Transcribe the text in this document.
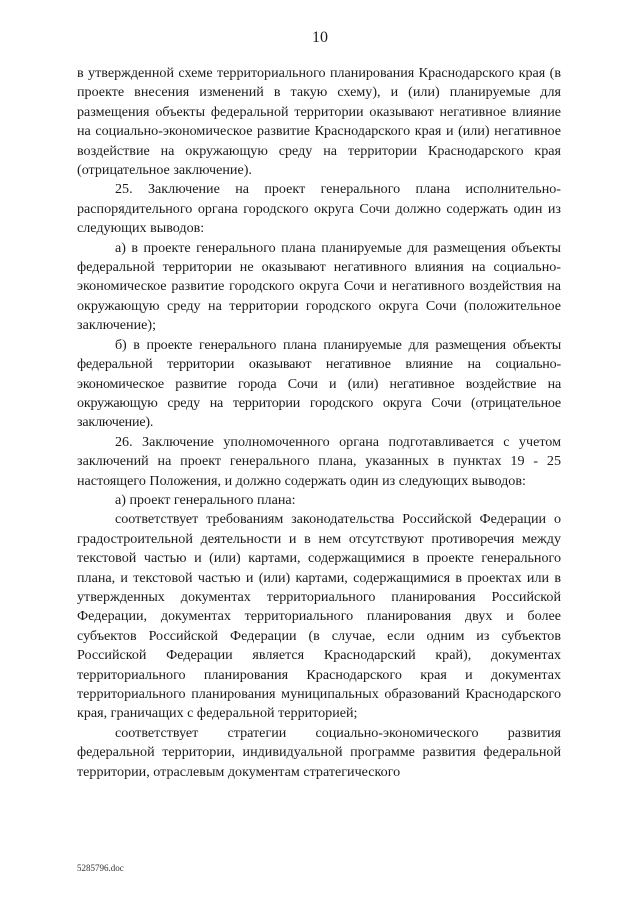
10

в утвержденной схеме территориального планирования Краснодарского края (в проекте внесения изменений в такую схему), и (или) планируемые для размещения объекты федеральной территории оказывают негативное влияние на социально-экономическое развитие Краснодарского края и (или) негативное воздействие на окружающую среду на территории Краснодарского края (отрицательное заключение).

25. Заключение на проект генерального плана исполнительно-распорядительного органа городского округа Сочи должно содержать один из следующих выводов:

а) в проекте генерального плана планируемые для размещения объекты федеральной территории не оказывают негативного влияния на социально-экономическое развитие городского округа Сочи и негативного воздействия на окружающую среду на территории городского округа Сочи (положительное заключение);

б) в проекте генерального плана планируемые для размещения объекты федеральной территории оказывают негативное влияние на социально-экономическое развитие города Сочи и (или) негативное воздействие на окружающую среду на территории городского округа Сочи (отрицательное заключение).

26. Заключение уполномоченного органа подготавливается с учетом заключений на проект генерального плана, указанных в пунктах 19 - 25 настоящего Положения, и должно содержать один из следующих выводов:

а) проект генерального плана:

соответствует требованиям законодательства Российской Федерации о градостроительной деятельности и в нем отсутствуют противоречия между текстовой частью и (или) картами, содержащимися в проекте генерального плана, и текстовой частью и (или) картами, содержащимися в проектах или в утвержденных документах территориального планирования Российской Федерации, документах территориального планирования двух и более субъектов Российской Федерации (в случае, если одним из субъектов Российской Федерации является Краснодарский край), документах территориального планирования Краснодарского края и документах территориального планирования муниципальных образований Краснодарского края, граничащих с федеральной территорией;

соответствует стратегии социально-экономического развития федеральной территории, индивидуальной программе развития федеральной территории, отраслевым документам стратегического

5285796.doc
